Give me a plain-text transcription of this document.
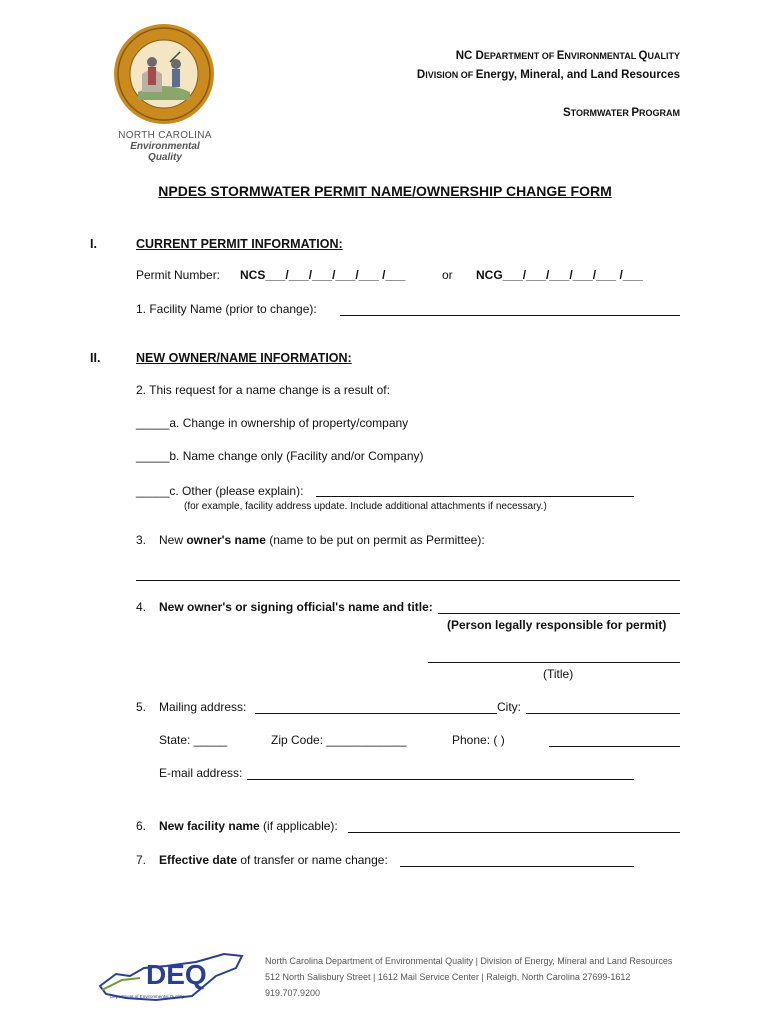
NORTH CAROLINA
Environmental Quality
NC DEPARTMENT OF ENVIRONMENTAL QUALITY
DIVISION OF Energy, Mineral, and Land Resources
STORMWATER PROGRAM
NPDES STORMWATER PERMIT NAME/OWNERSHIP CHANGE FORM
I.	CURRENT PERMIT INFORMATION:
Permit Number: NCS___/___/___/___/___ /___	or NCG___/___/___/___/___ /___
1. Facility Name (prior to change):
II.	NEW OWNER/NAME INFORMATION:
2. This request for a name change is a result of:
_____a. Change in ownership of property/company
_____b. Name change only (Facility and/or Company)
_____c. Other (please explain):
(for example, facility address update. Include additional attachments if necessary.)
3. New owner's name (name to be put on permit as Permittee):
4. New owner's or signing official's name and title:
(Person legally responsible for permit)
(Title)
5. Mailing address:	City:
State: _____	Zip Code: ____________	Phone: ( )
E-mail address:
6. New facility name (if applicable):
7. Effective date of transfer or name change:
DEQ
Department of Environmental Quality
North Carolina Department of Environmental Quality | Division of Energy, Mineral and Land Resources
512 North Salisbury Street | 1612 Mail Service Center | Raleigh, North Carolina 27699-1612
919.707.9200
